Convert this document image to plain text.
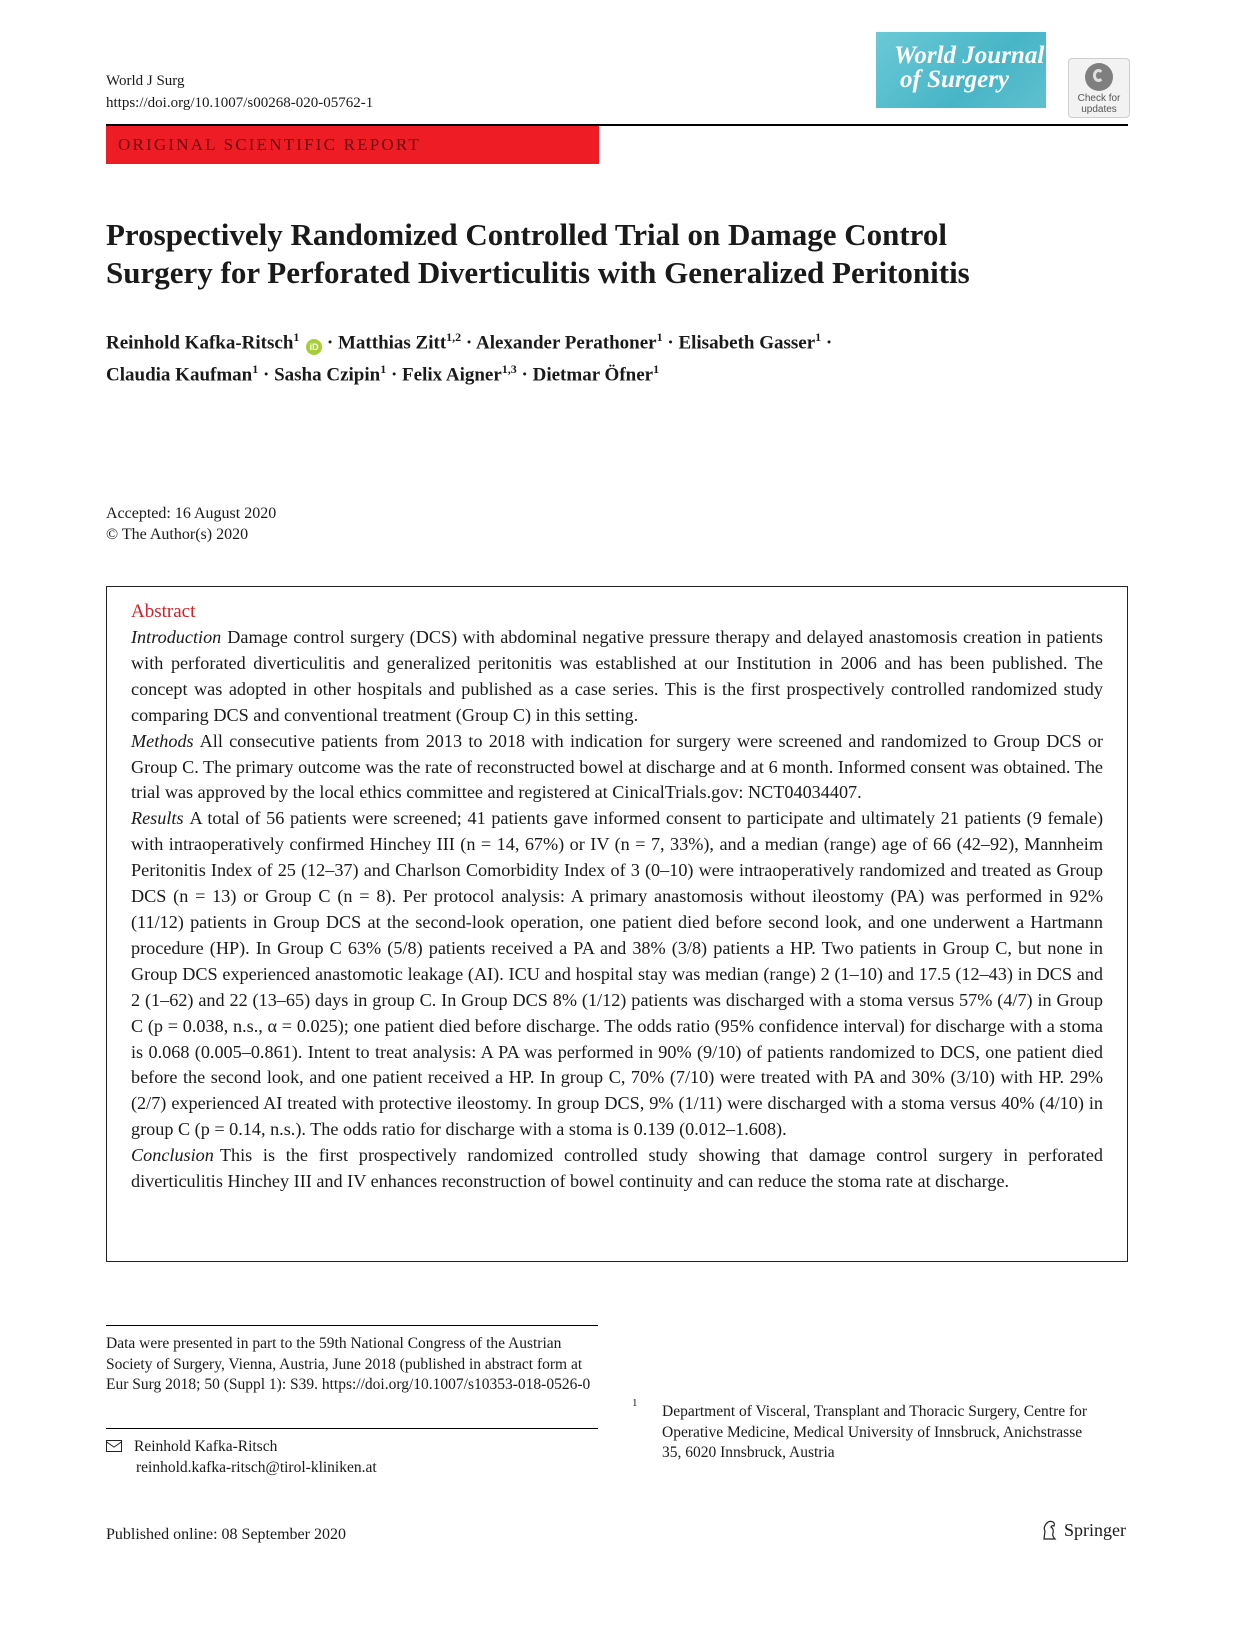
World J Surg
https://doi.org/10.1007/s00268-020-05762-1
World Journal
of Surgery
Check for
updates
ORIGINAL SCIENTIFIC REPORT
Prospectively Randomized Controlled Trial on Damage Control
Surgery for Perforated Diverticulitis with Generalized Peritonitis
Reinhold Kafka-Ritsch$^1$ iD · Matthias Zitt$^{1,2}$ · Alexander Perathoner$^1$ · Elisabeth Gasser$^1$ ·
Claudia Kaufman$^1$ · Sasha Czipin$^1$ · Felix Aigner$^{1,3}$ · Dietmar Öfner$^1$
Accepted: 16 August 2020
© The Author(s) 2020
Abstract

Introduction Damage control surgery (DCS) with abdominal negative pressure therapy and delayed anastomosis creation in patients with perforated diverticulitis and generalized peritonitis was established at our Institution in 2006 and has been published. The concept was adopted in other hospitals and published as a case series. This is the first prospectively controlled randomized study comparing DCS and conventional treatment (Group C) in this setting.

Methods All consecutive patients from 2013 to 2018 with indication for surgery were screened and randomized to Group DCS or Group C. The primary outcome was the rate of reconstructed bowel at discharge and at 6 month. Informed consent was obtained. The trial was approved by the local ethics committee and registered at CinicalTrials.gov: NCT04034407.

Results A total of 56 patients were screened; 41 patients gave informed consent to participate and ultimately 21 patients (9 female) with intraoperatively confirmed Hinchey III (n = 14, 67%) or IV (n = 7, 33%), and a median (range) age of 66 (42–92), Mannheim Peritonitis Index of 25 (12–37) and Charlson Comorbidity Index of 3 (0–10) were intraoperatively randomized and treated as Group DCS (n = 13) or Group C (n = 8). Per protocol analysis: A primary anastomosis without ileostomy (PA) was performed in 92% (11/12) patients in Group DCS at the second-look operation, one patient died before second look, and one underwent a Hartmann procedure (HP). In Group C 63% (5/8) patients received a PA and 38% (3/8) patients a HP. Two patients in Group C, but none in Group DCS experienced anastomotic leakage (AI). ICU and hospital stay was median (range) 2 (1–10) and 17.5 (12–43) in DCS and 2 (1–62) and 22 (13–65) days in group C. In Group DCS 8% (1/12) patients was discharged with a stoma versus 57% (4/7) in Group C (p = 0.038, n.s., α = 0.025); one patient died before discharge. The odds ratio (95% confidence interval) for discharge with a stoma is 0.068 (0.005–0.861). Intent to treat analysis: A PA was performed in 90% (9/10) of patients randomized to DCS, one patient died before the second look, and one patient received a HP. In group C, 70% (7/10) were treated with PA and 30% (3/10) with HP. 29% (2/7) experienced AI treated with protective ileostomy. In group DCS, 9% (1/11) were discharged with a stoma versus 40% (4/10) in group C (p = 0.14, n.s.). The odds ratio for discharge with a stoma is 0.139 (0.012–1.608).

Conclusion This is the first prospectively randomized controlled study showing that damage control surgery in perforated diverticulitis Hinchey III and IV enhances reconstruction of bowel continuity and can reduce the stoma rate at discharge.

Data were presented in part to the 59th National Congress of the Austrian Society of Surgery, Vienna, Austria, June 2018 (published in abstract form at Eur Surg 2018; 50 (Suppl 1): S39. https://doi.org/10.1007/s10353-018-0526-0
Reinhold Kafka-Ritsch
reinhold.kafka-ritsch@tirol-kliniken.at
1 Department of Visceral, Transplant and Thoracic Surgery, Centre for Operative Medicine, Medical University of Innsbruck, Anichstrasse 35, 6020 Innsbruck, Austria
Published online: 08 September 2020	Springer
